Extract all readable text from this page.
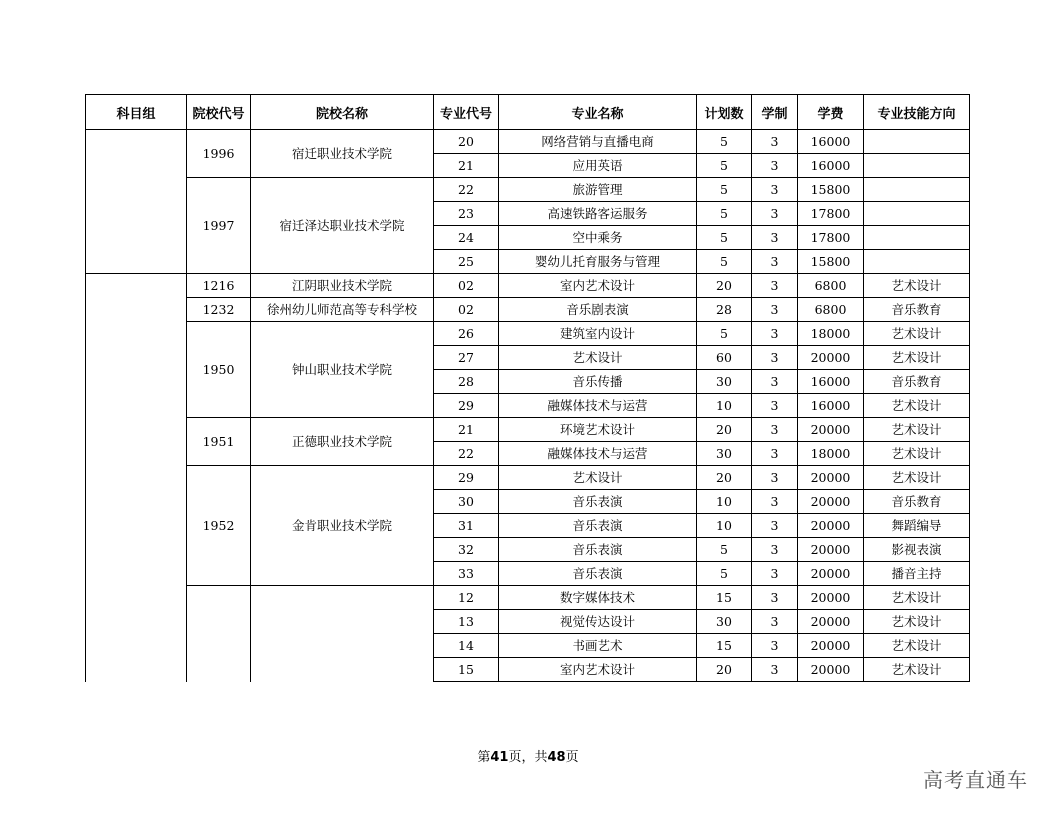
科目组	院校代号	院校名称	专业代号	专业名称	计划数	学制	学费	专业技能方向
	1996	宿迁职业技术学院	20	网络营销与直播电商	5	3	16000	
			21	应用英语	5	3	16000	
	1997	宿迁泽达职业技术学院	22	旅游管理	5	3	15800	
			23	高速铁路客运服务	5	3	17800	
			24	空中乘务	5	3	17800	
			25	婴幼儿托育服务与管理	5	3	15800	
	1216	江阴职业技术学院	02	室内艺术设计	20	3	6800	艺术设计
	1232	徐州幼儿师范高等专科学校	02	音乐剧表演	28	3	6800	音乐教育
	1950	钟山职业技术学院	26	建筑室内设计	5	3	18000	艺术设计
			27	艺术设计	60	3	20000	艺术设计
			28	音乐传播	30	3	16000	音乐教育
			29	融媒体技术与运营	10	3	16000	艺术设计
	1951	正德职业技术学院	21	环境艺术设计	20	3	20000	艺术设计
			22	融媒体技术与运营	30	3	18000	艺术设计
	1952	金肯职业技术学院	29	艺术设计	20	3	20000	艺术设计
			30	音乐表演	10	3	20000	音乐教育
			31	音乐表演	10	3	20000	舞蹈编导
			32	音乐表演	5	3	20000	影视表演
			33	音乐表演	5	3	20000	播音主持
			12	数字媒体技术	15	3	20000	艺术设计
			13	视觉传达设计	30	3	20000	艺术设计
			14	书画艺术	15	3	20000	艺术设计
			15	室内艺术设计	20	3	20000	艺术设计
第41页，共48页
高考直通车
